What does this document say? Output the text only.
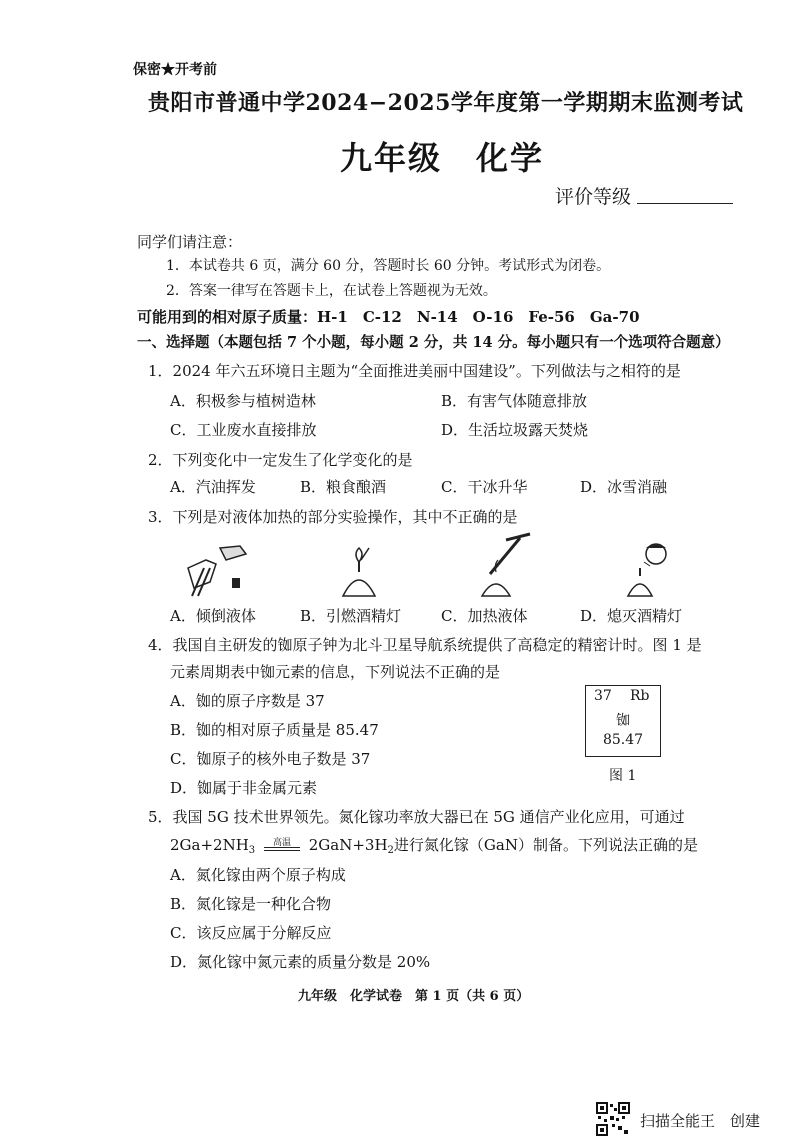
保密★开考前
贵阳市普通中学2024−2025学年度第一学期期末监测考试
九年级　化学
评价等级
同学们请注意：
1．本试卷共 6 页，满分 60 分，答题时长 60 分钟。考试形式为闭卷。
2．答案一律写在答题卡上，在试卷上答题视为无效。
可能用到的相对原子质量：H-1　C-12　N-14　O-16　Fe-56　Ga-70
一、选择题（本题包括 7 个小题，每小题 2 分，共 14 分。每小题只有一个选项符合题意）
1．2024 年六五环境日主题为“全面推进美丽中国建设”。下列做法与之相符的是
A．积极参与植树造林	B．有害气体随意排放
C．工业废水直接排放	D．生活垃圾露天焚烧
2．下列变化中一定发生了化学变化的是
A．汽油挥发	B．粮食酿酒	C．干冰升华	D．冰雪消融
3．下列是对液体加热的部分实验操作，其中不正确的是
A．倾倒液体	B．引燃酒精灯	C．加热液体	D．熄灭酒精灯
4．我国自主研发的铷原子钟为北斗卫星导航系统提供了高稳定的精密计时。图 1 是
元素周期表中铷元素的信息，下列说法不正确的是
A．铷的原子序数是 37
B．铷的相对原子质量是 85.47
C．铷原子的核外电子数是 37
D．铷属于非金属元素
37 Rb
铷
85.47
图 1
5．我国 5G 技术世界领先。氮化镓功率放大器已在 5G 通信产业化应用，可通过
$2Ga+2NH_3$
高温	$2GaN+3H_2$进行氮化镓（GaN）制备。下列说法正确的是
A．氮化镓由两个原子构成
B．氮化镓是一种化合物
C．该反应属于分解反应
D．氮化镓中氮元素的质量分数是 20%
九年级　化学试卷　第 1 页（共 6 页）
扫描全能王　创建
